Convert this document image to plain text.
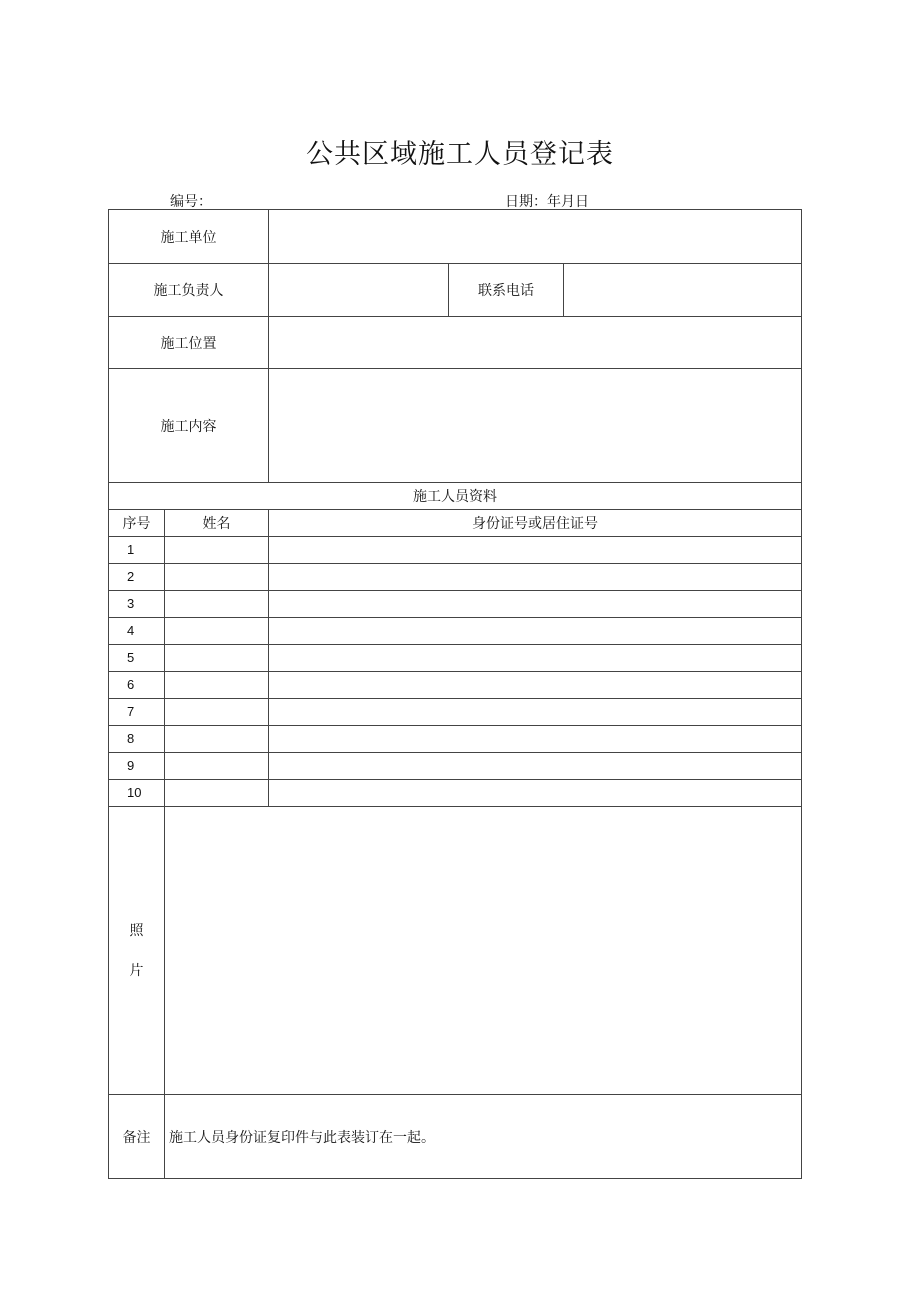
公共区域施工人员登记表
编号：	日期：年月日
施工单位	
施工负责人			联系电话	
施工位置	
施工内容				
施工人员资料				
序号	姓名	身份证号或居住证号		
1				
2				
3				
4				
5				
6				
7				
8				
9				
10				

照
片				

备注	施工人员身份证复印件与此表装订在一起。			
